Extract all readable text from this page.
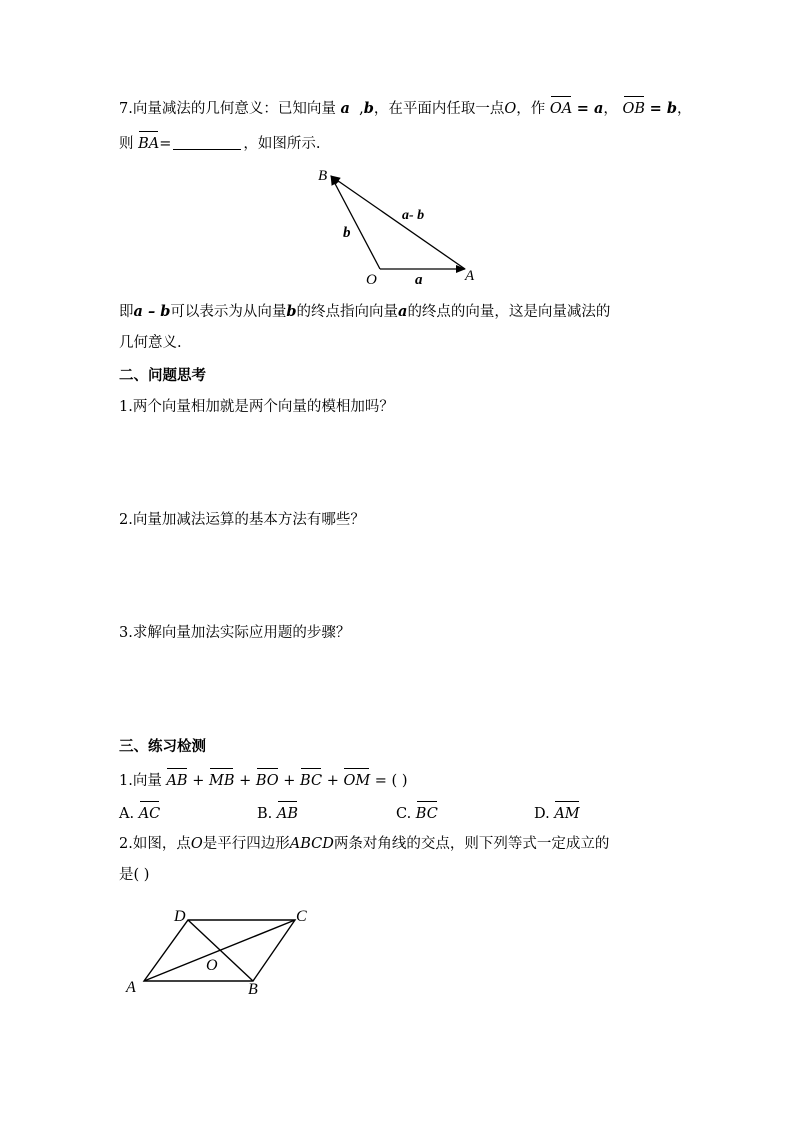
7.向量减法的几何意义：已知向量 a  ,b，在平面内任取一点O，作 OA = a， OB = b，
则 BA=	，如图所示.
B
O	A
b
a
a- b
即a – b可以表示为从向量b的终点指向向量a的终点的向量，这是向量减法的
几何意义.
二、问题思考
1.两个向量相加就是两个向量的模相加吗？
2.向量加减法运算的基本方法有哪些？
3.求解向量加法实际应用题的步骤？
三、练习检测
1.向量 AB + MB + BO + BC + OM = ( )
A. AC	B. AB	C. BC	D. AM
2.如图，点O是平行四边形ABCD两条对角线的交点，则下列等式一定成立的
是( )
A	B
C
D
O
